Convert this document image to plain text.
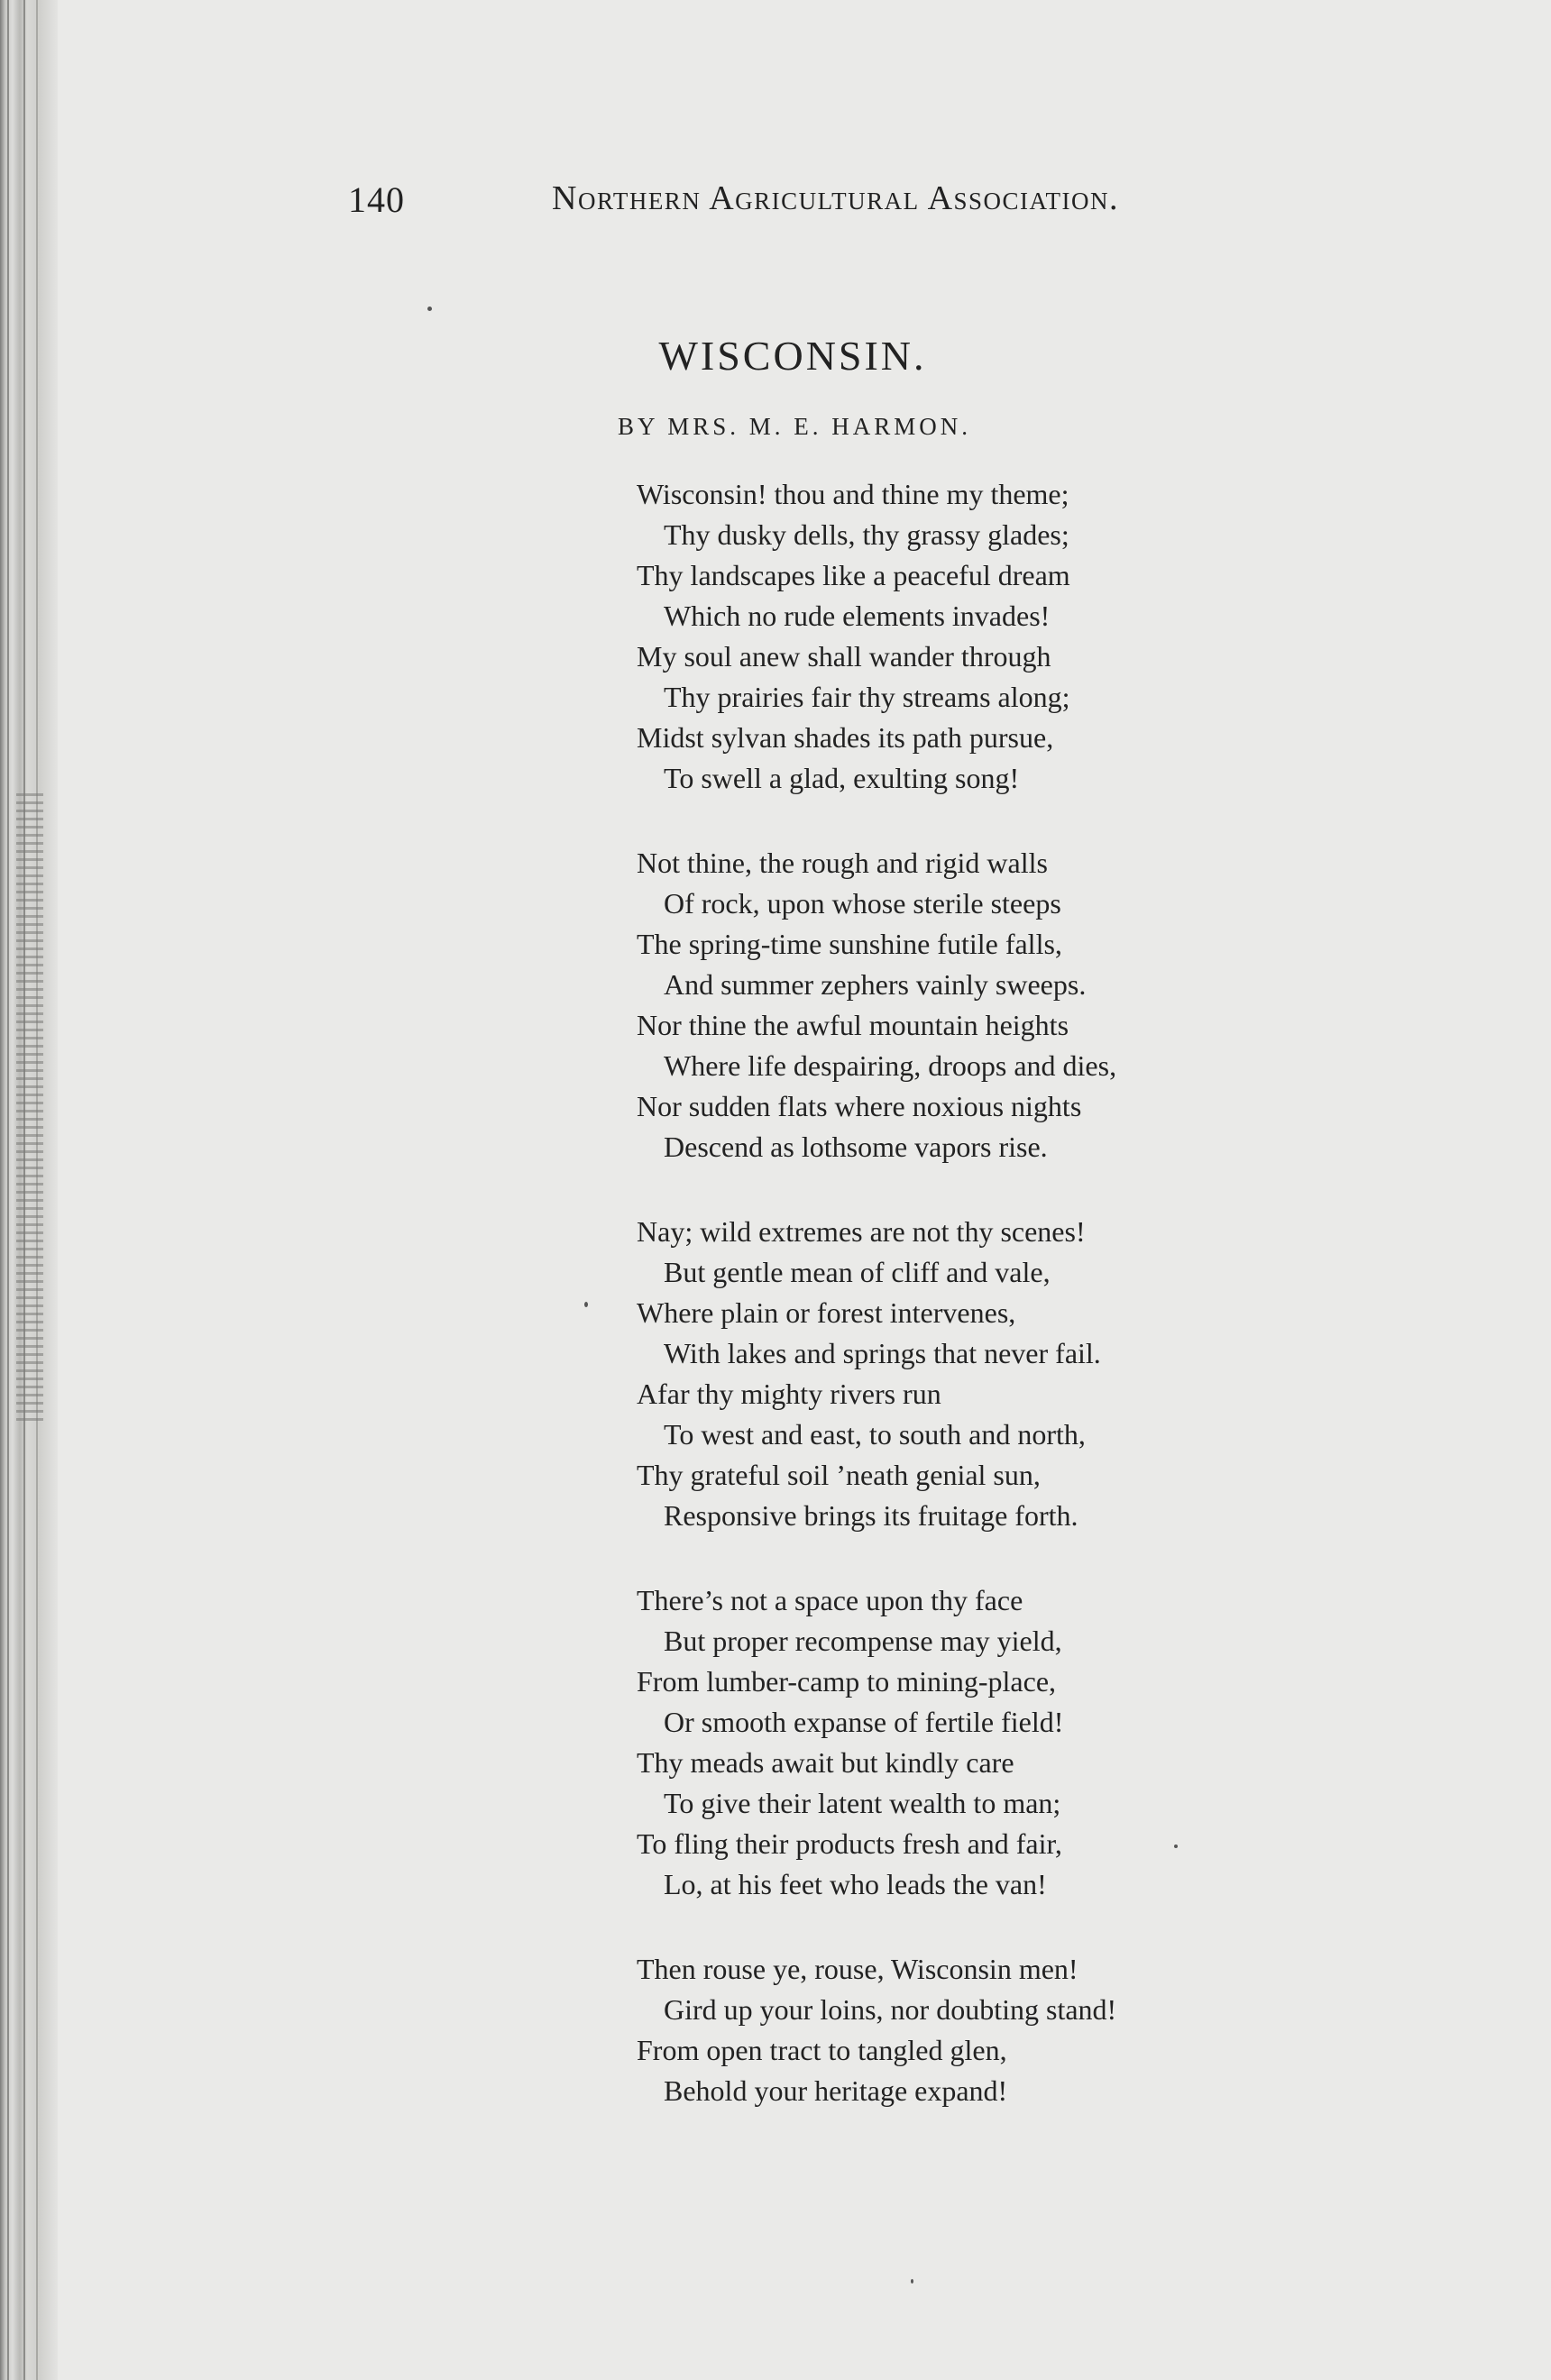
140	Northern Agricultural Association.
WISCONSIN.
BY MRS. M. E. HARMON.
Wisconsin! thou and thine my theme;
Thy dusky dells, thy grassy glades;
Thy landscapes like a peaceful dream
Which no rude elements invades!
My soul anew shall wander through
Thy prairies fair thy streams along;
Midst sylvan shades its path pursue,
To swell a glad, exulting song!
Not thine, the rough and rigid walls
Of rock, upon whose sterile steeps
The spring-time sunshine futile falls,
And summer zephers vainly sweeps.
Nor thine the awful mountain heights
Where life despairing, droops and dies,
Nor sudden flats where noxious nights
Descend as lothsome vapors rise.
Nay; wild extremes are not thy scenes!
But gentle mean of cliff and vale,
Where plain or forest intervenes,
With lakes and springs that never fail.
Afar thy mighty rivers run
To west and east, to south and north,
Thy grateful soil ’neath genial sun,
Responsive brings its fruitage forth.
There’s not a space upon thy face
But proper recompense may yield,
From lumber-camp to mining-place,
Or smooth expanse of fertile field!
Thy meads await but kindly care
To give their latent wealth to man;
To fling their products fresh and fair,
Lo, at his feet who leads the van!
Then rouse ye, rouse, Wisconsin men!
Gird up your loins, nor doubting stand!
From open tract to tangled glen,
Behold your heritage expand!
